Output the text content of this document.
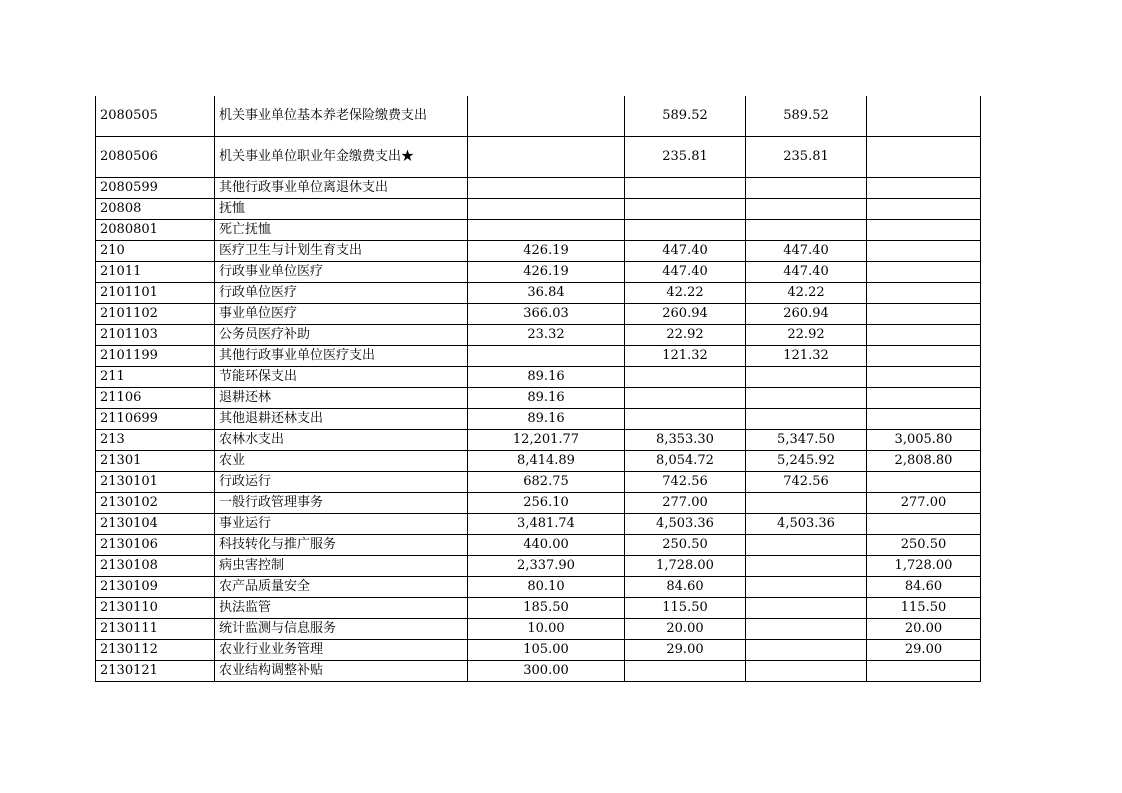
2080505	机关事业单位基本养老保险缴费支出		589.52	589.52	
2080506	机关事业单位职业年金缴费支出★		235.81	235.81	
2080599	其他行政事业单位离退休支出				
20808	抚恤				
2080801	死亡抚恤				
210	医疗卫生与计划生育支出	426.19	447.40	447.40	
21011	行政事业单位医疗	426.19	447.40	447.40	
2101101	行政单位医疗	36.84	42.22	42.22	
2101102	事业单位医疗	366.03	260.94	260.94	
2101103	公务员医疗补助	23.32	22.92	22.92	
2101199	其他行政事业单位医疗支出		121.32	121.32	
211	节能环保支出	89.16			
21106	退耕还林	89.16			
2110699	其他退耕还林支出	89.16			
213	农林水支出	12,201.77	8,353.30	5,347.50	3,005.80
21301	农业	8,414.89	8,054.72	5,245.92	2,808.80
2130101	行政运行	682.75	742.56	742.56	
2130102	一般行政管理事务	256.10	277.00		277.00
2130104	事业运行	3,481.74	4,503.36	4,503.36	
2130106	科技转化与推广服务	440.00	250.50		250.50
2130108	病虫害控制	2,337.90	1,728.00		1,728.00
2130109	农产品质量安全	80.10	84.60		84.60
2130110	执法监管	185.50	115.50		115.50
2130111	统计监测与信息服务	10.00	20.00		20.00
2130112	农业行业业务管理	105.00	29.00		29.00
2130121	农业结构调整补贴	300.00			
